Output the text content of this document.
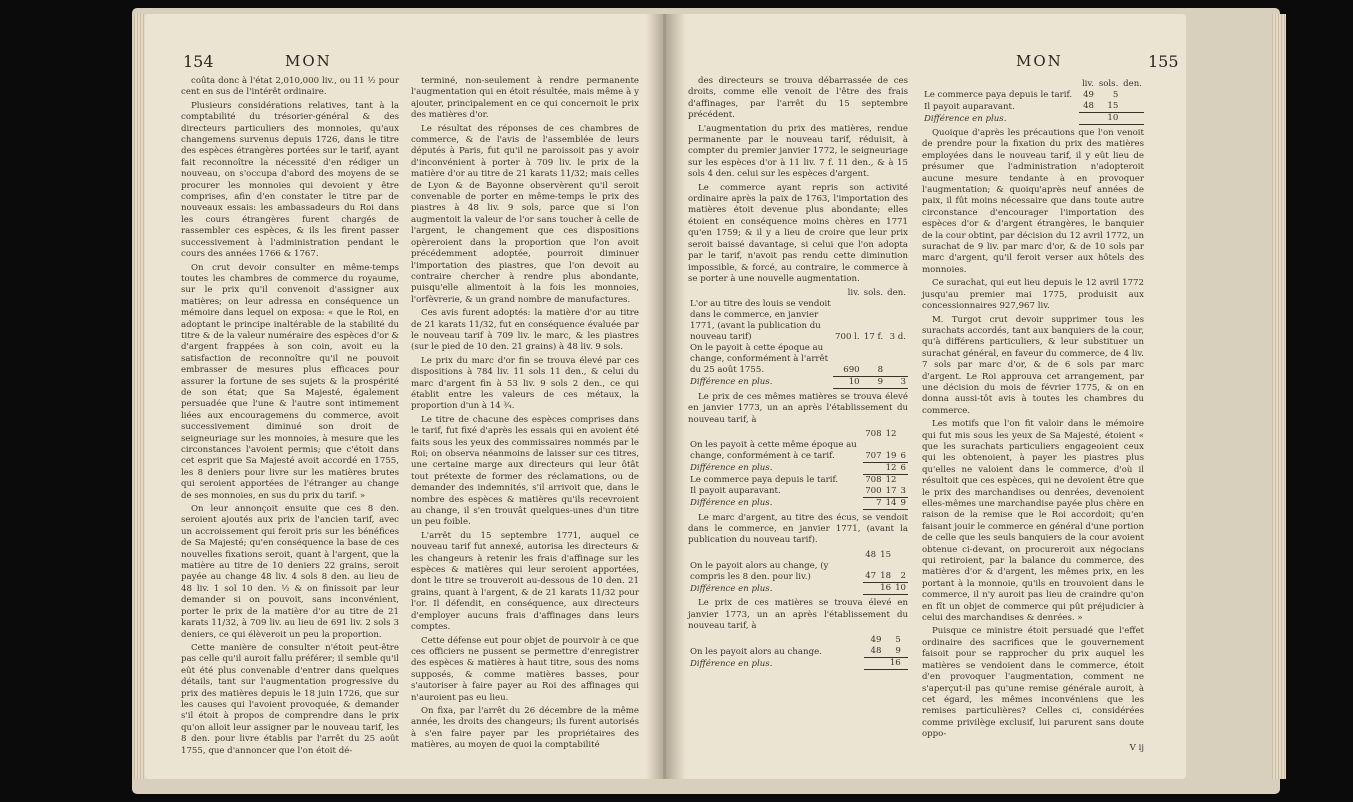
154	MON

coûta donc à l'état 2,010,000 liv., ou 11 ½ pour cent en sus de l'intérêt ordinaire.

Plusieurs considérations relatives, tant à la comptabilité du trésorier-général & des directeurs particuliers des monnoies, qu'aux changemens survenus depuis 1726, dans le titre des espèces étrangères portées sur le tarif, ayant fait reconnoître la nécessité d'en rédiger un nouveau, on s'occupa d'abord des moyens de se procurer les monnoies qui devoient y être comprises, afin d'en constater le titre par de nouveaux essais: les ambassadeurs du Roi dans les cours étrangères furent chargés de rassembler ces espèces, & ils les firent passer successivement à l'administration pendant le cours des années 1766 & 1767.

On crut devoir consulter en même-temps toutes les chambres de commerce du royaume, sur le prix qu'il convenoit d'assigner aux matières; on leur adressa en conséquence un mémoire dans lequel on exposa: « que le Roi, en adoptant le principe inaltérable de la stabilité du titre & de la valeur numéraire des espèces d'or & d'argent frappées à son coin, avoit eu la satisfaction de reconnoître qu'il ne pouvoit embrasser de mesures plus efficaces pour assurer la fortune de ses sujets & la prospérité de son état; que Sa Majesté, également persuadée que l'une & l'autre sont intimement liées aux encouragemens du commerce, avoit successivement diminué son droit de seigneuriage sur les monnoies, à mesure que les circonstances l'avoient permis; que c'étoit dans cet esprit que Sa Majesté avoit accordé en 1755, les 8 deniers pour livre sur les matières brutes qui seroient apportées de l'étranger au change de ses monnoies, en sus du prix du tarif. »

On leur annonçoit ensuite que ces 8 den. seroient ajoutés aux prix de l'ancien tarif, avec un accroissement qui feroit pris sur les bénéfices de Sa Majesté; qu'en conséquence la base de ces nouvelles fixations seroit, quant à l'argent, que la matière au titre de 10 deniers 22 grains, seroit payée au change 48 liv. 4 sols 8 den. au lieu de 48 liv. 1 sol 10 den. ½ & on finissoit par leur demander si on pouvoit, sans inconvénient, porter le prix de la matière d'or au titre de 21 karats 11/32, à 709 liv. au lieu de 691 liv. 2 sols 3 deniers, ce qui élèveroit un peu la proportion.

Cette manière de consulter n'étoit peut-être pas celle qu'il auroit fallu préférer; il semble qu'il eût été plus convenable d'entrer dans quelques détails, tant sur l'augmentation progressive du prix des matières depuis le 18 juin 1726, que sur les causes qui l'avoient provoquée, & demander s'il étoit à propos de comprendre dans le prix qu'on alloit leur assigner par le nouveau tarif, les 8 den. pour livre établis par l'arrêt du 25 août 1755, que d'annoncer que l'on étoit dé-

terminé, non-seulement à rendre permanente l'augmentation qui en étoit résultée, mais même à y ajouter, principalement en ce qui concernoit le prix des matières d'or.

Le résultat des réponses de ces chambres de commerce, & de l'avis de l'assemblée de leurs députés à Paris, fut qu'il ne paroissoit pas y avoir d'inconvénient à porter à 709 liv. le prix de la matière d'or au titre de 21 karats 11/32; mais celles de Lyon & de Bayonne observèrent qu'il seroit convenable de porter en même-temps le prix des piastres à 48 liv. 9 sols, parce que si l'on augmentoit la valeur de l'or sans toucher à celle de l'argent, le changement que ces dispositions opèreroient dans la proportion que l'on avoit précédemment adoptée, pourroit diminuer l'importation des piastres, que l'on devoit au contraire chercher à rendre plus abondante, puisqu'elle alimentoit à la fois les monnoies, l'orfèvrerie, & un grand nombre de manufactures.

Ces avis furent adoptés: la matière d'or au titre de 21 karats 11/32, fut en conséquence évaluée par le nouveau tarif à 709 liv. le marc, & les piastres (sur le pied de 10 den. 21 grains) à 48 liv. 9 sols.

Le prix du marc d'or fin se trouva élevé par ces dispositions à 784 liv. 11 sols 11 den., & celui du marc d'argent fin à 53 liv. 9 sols 2 den., ce qui établit entre les valeurs de ces métaux, la proportion d'un à 14 ¾.

Le titre de chacune des espèces comprises dans le tarif, fut fixé d'après les essais qui en avoient été faits sous les yeux des commissaires nommés par le Roi; on observa néanmoins de laisser sur ces titres, une certaine marge aux directeurs qui leur ôtât tout prétexte de former des réclamations, ou de demander des indemnités, s'il arrivoit que, dans le nombre des espèces & matières qu'ils recevroient au change, il s'en trouvât quelques-unes d'un titre un peu foible.

L'arrêt du 15 septembre 1771, auquel ce nouveau tarif fut annexé, autorisa les directeurs & les changeurs à retenir les frais d'affinage sur les espèces & matières qui leur seroient apportées, dont le titre se trouveroit au-dessous de 10 den. 21 grains, quant à l'argent, & de 21 karats 11/32 pour l'or. Il défendit, en conséquence, aux directeurs d'employer aucuns frais d'affinages dans leurs comptes.

Cette défense eut pour objet de pourvoir à ce que ces officiers ne pussent se permettre d'enregistrer des espèces & matières à haut titre, sous des noms supposés, & comme matières basses, pour s'autoriser à faire payer au Roi des affinages qui n'auroient pas eu lieu.

On fixa, par l'arrêt du 26 décembre de la même année, les droits des changeurs; ils furent autorisés à s'en faire payer par les propriétaires des matières, au moyen de quoi la comptabilité

MON	155

des directeurs se trouva débarrassée de ces droits, comme elle venoit de l'être des frais d'affinages, par l'arrêt du 15 septembre précédent.

L'augmentation du prix des matières, rendue permanente par le nouveau tarif, réduisit, à compter du premier janvier 1772, le seigneuriage sur les espèces d'or à 11 liv. 7 f. 11 den., & à 15 sols 4 den. celui sur les espèces d'argent.

Le commerce ayant repris son activité ordinaire après la paix de 1763, l'importation des matières étoit devenue plus abondante; elles étoient en conséquence moins chères en 1771 qu'en 1759; & il y a lieu de croire que leur prix seroit baissé davantage, si celui que l'on adopta par le tarif, n'avoit pas rendu cette diminution impossible, & forcé, au contraire, le commerce à se porter à une nouvelle augmentation.

	liv.	sols.	den.
L'or au titre des louis se vendoit dans le commerce, en janvier 1771, (avant la publication du nouveau tarif)	700 l.	17 f.	3 d.
On le payoit à cette époque au change, conformément à l'arrêt du 25 août 1755.	690	8	
Différence en plus.	10	9	3

Le prix de ces mêmes matières se trouva élevé en janvier 1773, un an après l'établissement du nouveau tarif, à

	708	12	
On les payoit à cette même époque au change, conformément à ce tarif.	707	19	6
Différence en plus.		12	6
Le commerce paya depuis le tarif.	708	12	
Il payoit auparavant.	700	17	3
Différence en plus.	7	14	9

Le marc d'argent, au titre des écus, se vendoit dans le commerce, en janvier 1771, (avant la publication du nouveau tarif).

	48	15	
On le payoit alors au change, (y compris les 8 den. pour liv.)	47	18	2
Différence en plus.		16	10

Le prix de ces matières se trouva élevé en janvier 1773, un an après l'établissement du nouveau tarif, à

	49	5	
On les payoit alors au change.	48	9	
Différence en plus.		16	
	liv.	sols.	den.
Le commerce paya depuis le tarif.	49	5	
Il payoit auparavant.	48	15	
Différence en plus.		10	

Quoique d'après les précautions que l'on venoit de prendre pour la fixation du prix des matières employées dans le nouveau tarif, il y eût lieu de présumer que l'administration n'adopteroit aucune mesure tendante à en provoquer l'augmentation; & quoiqu'après neuf années de paix, il fût moins nécessaire que dans toute autre circonstance d'encourager l'importation des espèces d'or & d'argent étrangères, le banquier de la cour obtint, par décision du 12 avril 1772, un surachat de 9 liv. par marc d'or, & de 10 sols par marc d'argent, qu'il feroit verser aux hôtels des monnoies.

Ce surachat, qui eut lieu depuis le 12 avril 1772 jusqu'au premier mai 1775, produisit aux concessionnaires 927,967 liv.

M. Turgot crut devoir supprimer tous les surachats accordés, tant aux banquiers de la cour, qu'à différens particuliers, & leur substituer un surachat général, en faveur du commerce, de 4 liv. 7 sols par marc d'or, & de 6 sols par marc d'argent. Le Roi approuva cet arrangement, par une décision du mois de février 1775, & on en donna aussi-tôt avis à toutes les chambres du commerce.

Les motifs que l'on fit valoir dans le mémoire qui fut mis sous les yeux de Sa Majesté, étoient « que les surachats particuliers engageoient ceux qui les obtenoient, à payer les piastres plus qu'elles ne valoient dans le commerce, d'où il résultoit que ces espèces, qui ne devoient être que le prix des marchandises ou denrées, devenoient elles-mêmes une marchandise payée plus chère en raison de la remise que le Roi accordoit; qu'en faisant jouir le commerce en général d'une portion de celle que les seuls banquiers de la cour avoient obtenue ci-devant, on procureroit aux négocians qui retiroient, par la balance du commerce, des matières d'or & d'argent, les mêmes prix, en les portant à la monnoie, qu'ils en trouvoient dans le commerce, il n'y auroit pas lieu de craindre qu'on en fît un objet de commerce qui pût préjudicier à celui des marchandises & denrées. »

Puisque ce ministre étoit persuadé que l'effet ordinaire des sacrifices que le gouvernement faisoit pour se rapprocher du prix auquel les matières se vendoient dans le commerce, étoit d'en provoquer l'augmentation, comment ne s'aperçut-il pas qu'une remise générale auroit, à cet égard, les mêmes inconvéniens que les remises particulières? Celles ci, considérées comme privilège exclusif, lui parurent sans doute oppo-

V ij
